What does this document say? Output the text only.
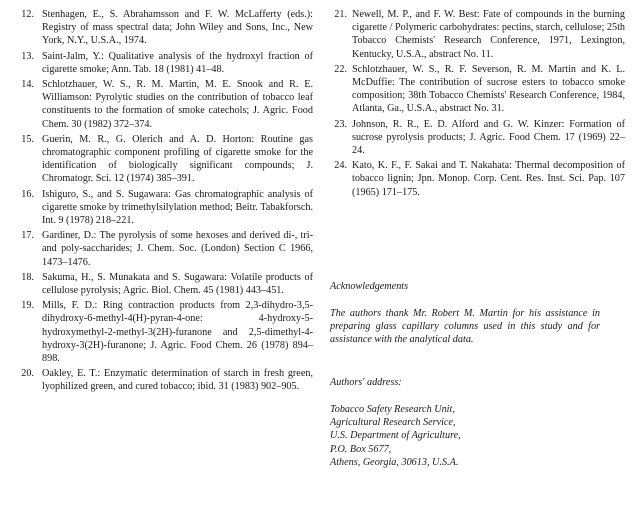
12. Stenhagen, E., S. Abrahamsson and F. W. McLafferty (eds.): Registry of mass spectral data; John Wiley and Sons, Inc., New York, N.Y., U.S.A., 1974.
13. Saint-Jalm, Y.: Qualitative analysis of the hydroxyl fraction of cigarette smoke; Ann. Tab. 18 (1981) 41–48.
14. Schlotzhauer, W. S., R. M. Martin, M. E. Snook and R. E. Williamson: Pyrolytic studies on the contribution of tobacco leaf constituents to the formation of smoke catechols; J. Agric. Food Chem. 30 (1982) 372–374.
15. Guerin, M. R., G. Olerich and A. D. Horton: Routine gas chromatographic component profiling of cigarette smoke for the identification of biologically significant compounds; J. Chromatogr. Sci. 12 (1974) 385–391.
16. Ishiguro, S., and S. Sugawara: Gas chromatographic analysis of cigarette smoke by trimethylsilylation method; Beitr. Tabakforsch. Int. 9 (1978) 218–221.
17. Gardiner, D.: The pyrolysis of some hexoses and derived di-, tri- and poly-saccharides; J. Chem. Soc. (London) Section C 1966, 1473–1476.
18. Sakuma, H., S. Munakata and S. Sugawara: Volatile products of cellulose pyrolysis; Agric. Biol. Chem. 45 (1981) 443–451.
19. Mills, F. D.: Ring contraction products from 2,3-dihydro-3,5-dihydroxy-6-methyl-4(H)-pyran-4-one: 4-hydroxy-5-hydroxymethyl-2-methyl-3(2H)-furanone and 2,5-dimethyl-4-hydroxy-3(2H)-furanone; J. Agric. Food Chem. 26 (1978) 894–898.
20. Oakley, E. T.: Enzymatic determination of starch in fresh green, lyophilized green, and cured tobacco; ibid. 31 (1983) 902–905.
21. Newell, M. P., and F. W. Best: Fate of compounds in the burning cigarette / Polymeric carbohydrates: pectins, starch, cellulose; 25th Tobacco Chemists' Research Conference, 1971, Lexington, Kentucky, U.S.A., abstract No. 11.
22. Schlotzhauer, W. S., R. F. Severson, R. M. Martin and K. L. McDuffie: The contribution of sucrose esters to tobacco smoke composition; 38th Tobacco Chemists' Research Conference, 1984, Atlanta, Ga., U.S.A., abstract No. 31.
23. Johnson, R. R., E. D. Alford and G. W. Kinzer: Formation of sucrose pyrolysis products; J. Agric. Food Chem. 17 (1969) 22–24.
24. Kato, K. F., F. Sakai and T. Nakahata: Thermal decomposition of tobacco lignin; Jpn. Monop. Corp. Cent. Res. Inst. Sci. Pap. 107 (1965) 171–175.
Acknowledgements
The authors thank Mr. Robert M. Martin for his assistance in preparing glass capillary columns used in this study and for assistance with the analytical data.
Authors' address:
Tobacco Safety Research Unit,
Agricultural Research Service,
U.S. Department of Agriculture,
P.O. Box 5677,
Athens, Georgia, 30613, U.S.A.
